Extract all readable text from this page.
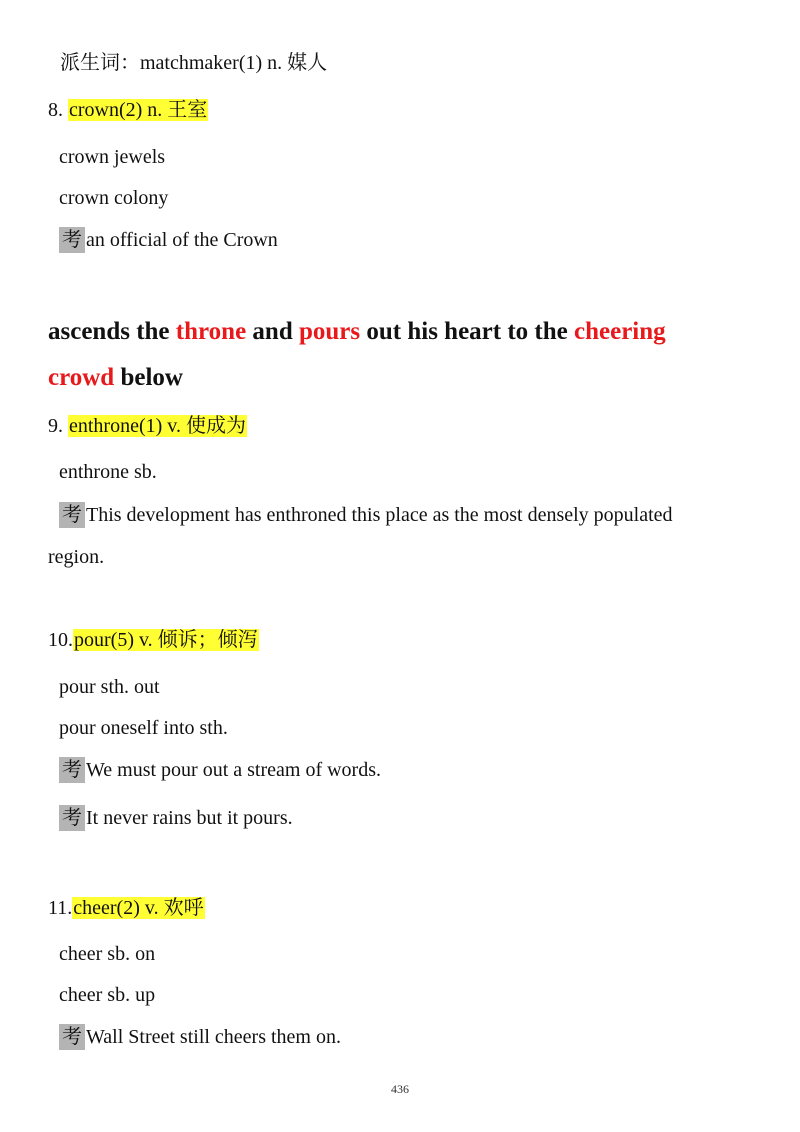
派生词：matchmaker(1) n. 媒人
8. crown(2) n. 王室
crown jewels
crown colony
考 an official of the Crown
ascends the throne and pours out his heart to the cheering
crowd below
9. enthrone(1) v. 使成为
enthrone sb.
考 This development has enthroned this place as the most densely populated
region.
10.pour(5) v. 倾诉；倾泻
pour sth. out
pour oneself into sth.
考 We must pour out a stream of words.
考 It never rains but it pours.
11.cheer(2) v. 欢呼
cheer sb. on
cheer sb. up
考 Wall Street still cheers them on.
436
